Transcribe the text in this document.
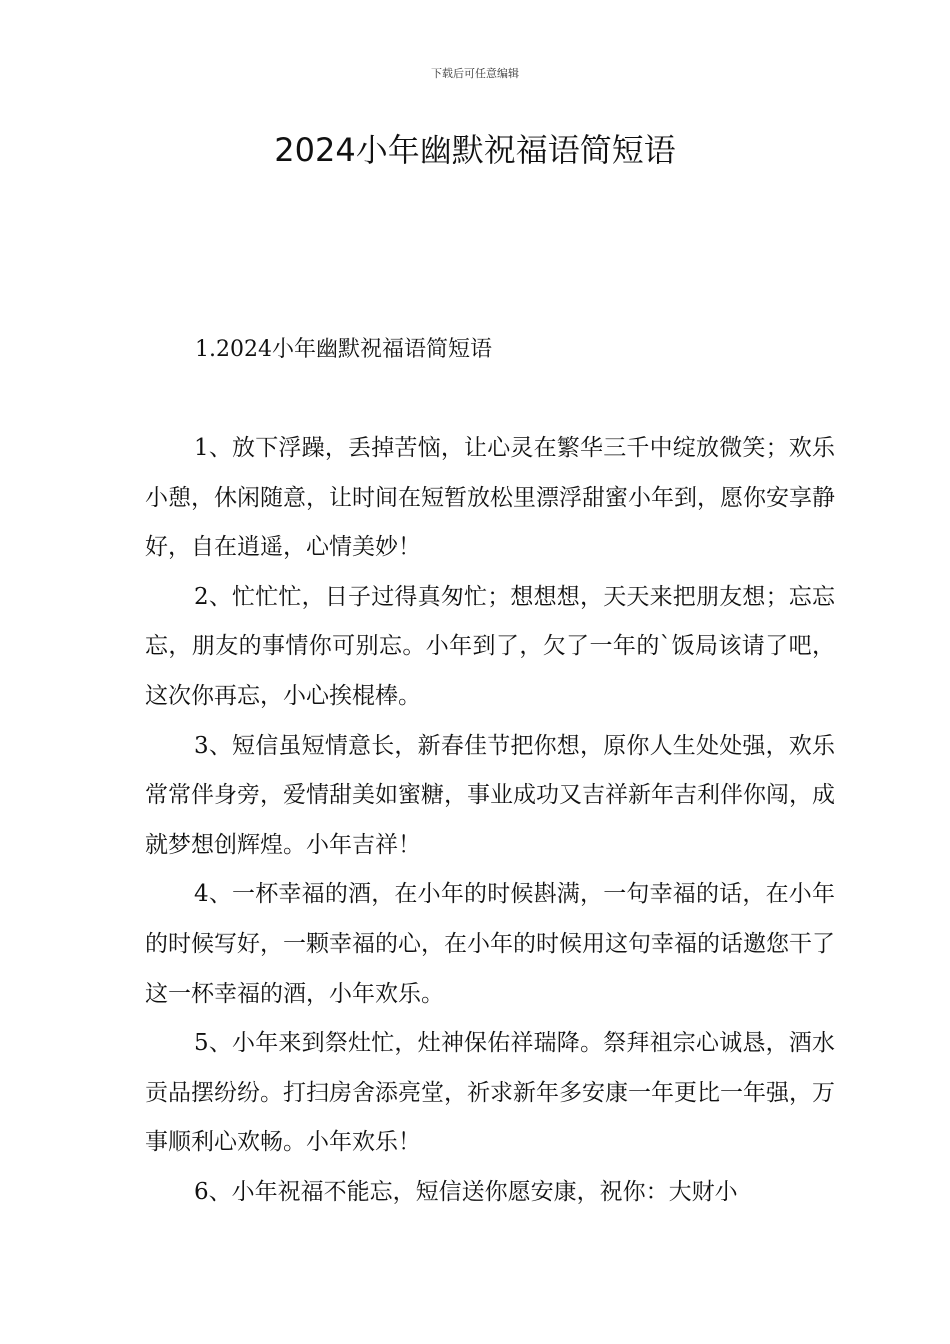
下载后可任意编辑
2024小年幽默祝福语简短语
1.2024小年幽默祝福语简短语

1、放下浮躁，丢掉苦恼，让心灵在繁华三千中绽放微笑；欢乐小憩，休闲随意，让时间在短暂放松里漂浮甜蜜小年到，愿你安享静好，自在逍遥，心情美妙！

2、忙忙忙，日子过得真匆忙；想想想，天天来把朋友想；忘忘忘，朋友的事情你可别忘。小年到了，欠了一年的`饭局该请了吧，这次你再忘，小心挨棍棒。

3、短信虽短情意长，新春佳节把你想，原你人生处处强，欢乐常常伴身旁，爱情甜美如蜜糖，事业成功又吉祥新年吉利伴你闯，成就梦想创辉煌。小年吉祥！

4、一杯幸福的酒，在小年的时候斟满，一句幸福的话，在小年的时候写好，一颗幸福的心，在小年的时候用这句幸福的话邀您干了这一杯幸福的酒，小年欢乐。

5、小年来到祭灶忙，灶神保佑祥瑞降。祭拜祖宗心诚恳，酒水贡品摆纷纷。打扫房舍添亮堂，祈求新年多安康一年更比一年强，万事顺利心欢畅。小年欢乐！

6、小年祝福不能忘，短信送你愿安康，祝你：大财小
